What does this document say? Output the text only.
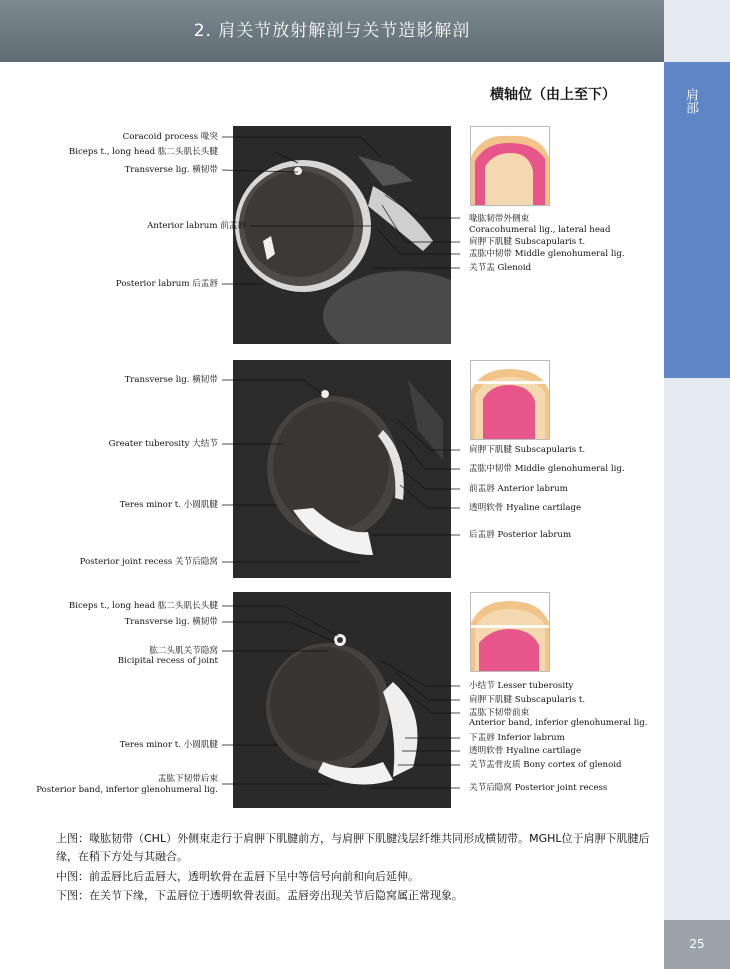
2. 肩关节放射解剖与关节造影解剖
肩部
25
横轴位（由上至下）
Coracoid process 喙突
Biceps t., long head 肱二头肌长头腱
Transverse lig. 横韧带
Anterior labrum 前盂唇
Posterior labrum 后盂唇
喙肱韧带外侧束
Coracohumeral lig., lateral head
肩胛下肌腱 Subscapularis t.
盂肱中韧带 Middle glenohumeral lig.
关节盂 Glenoid
Transverse lig. 横韧带
Greater tuberosity 大结节
Teres minor t. 小圆肌腱
Posterior joint recess 关节后隐窝
肩胛下肌腱 Subscapularis t.
盂肱中韧带 Middle glenohumeral lig.
前盂唇 Anterior labrum
透明软骨 Hyaline cartilage
后盂唇 Posterior labrum
Biceps t., long head 肱二头肌长头腱
Transverse lig. 横韧带
肱二头肌关节隐窝
Bicipital recess of joint
Teres minor t. 小圆肌腱
盂肱下韧带后束
Posterior band, inferior glenohumeral lig.
小结节 Lesser tuberosity
肩胛下肌腱 Subscapularis t.
盂肱下韧带前束
Anterior band, inferior glenohumeral lig.
下盂唇 Inferior labrum
透明软骨 Hyaline cartilage
关节盂骨皮质 Bony cortex of glenoid
关节后隐窝 Posterior joint recess
上图：喙肱韧带（CHL）外侧束走行于肩胛下肌腱前方，与肩胛下肌腱浅层纤维共同形成横韧带。MGHL位于肩胛下肌腱后缘，在稍下方处与其融合。
中图：前盂唇比后盂唇大，透明软骨在盂唇下呈中等信号向前和向后延伸。
下图：在关节下缘，下盂唇位于透明软骨表面。盂唇旁出现关节后隐窝属正常现象。
